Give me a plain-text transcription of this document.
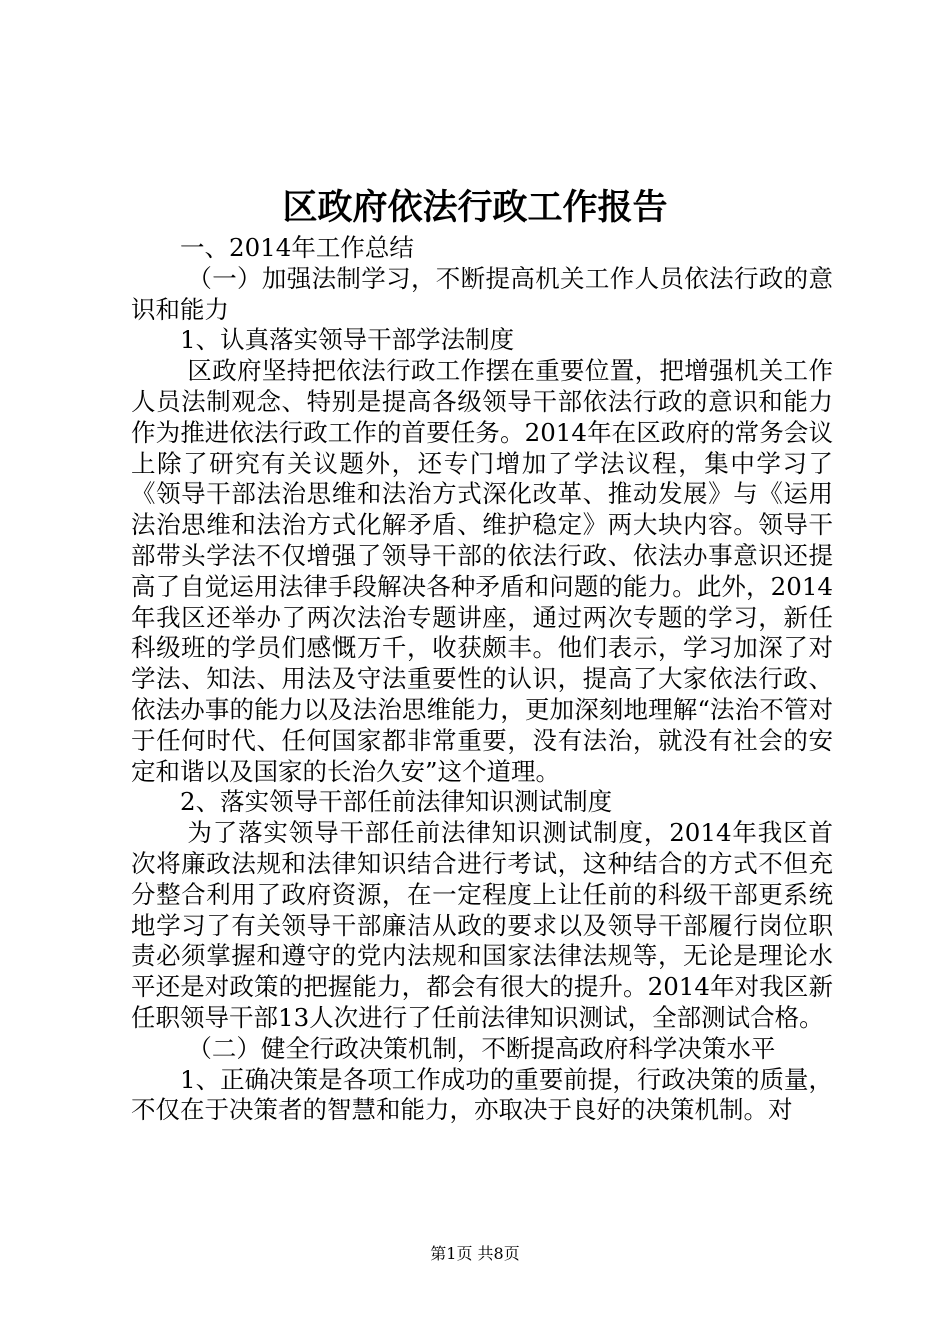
区政府依法行政工作报告

一、2014年工作总结

（一）加强法制学习，不断提高机关工作人员依法行政的意识和能力

1、认真落实领导干部学法制度

区政府坚持把依法行政工作摆在重要位置，把增强机关工作人员法制观念、特别是提高各级领导干部依法行政的意识和能力作为推进依法行政工作的首要任务。2014年在区政府的常务会议上除了研究有关议题外，还专门增加了学法议程，集中学习了《领导干部法治思维和法治方式深化改革、推动发展》与《运用法治思维和法治方式化解矛盾、维护稳定》两大块内容。领导干部带头学法不仅增强了领导干部的依法行政、依法办事意识还提高了自觉运用法律手段解决各种矛盾和问题的能力。此外，2014年我区还举办了两次法治专题讲座，通过两次专题的学习，新任科级班的学员们感慨万千，收获颇丰。他们表示，学习加深了对学法、知法、用法及守法重要性的认识，提高了大家依法行政、依法办事的能力以及法治思维能力，更加深刻地理解“法治不管对于任何时代、任何国家都非常重要，没有法治，就没有社会的安定和谐以及国家的长治久安”这个道理。

2、落实领导干部任前法律知识测试制度

为了落实领导干部任前法律知识测试制度，2014年我区首次将廉政法规和法律知识结合进行考试，这种结合的方式不但充分整合利用了政府资源，在一定程度上让任前的科级干部更系统地学习了有关领导干部廉洁从政的要求以及领导干部履行岗位职责必须掌握和遵守的党内法规和国家法律法规等，无论是理论水平还是对政策的把握能力，都会有很大的提升。2014年对我区新任职领导干部13人次进行了任前法律知识测试，全部测试合格。

（二）健全行政决策机制，不断提高政府科学决策水平

1、正确决策是各项工作成功的重要前提，行政决策的质量，不仅在于决策者的智慧和能力，亦取决于良好的决策机制。对

第1页 共8页
